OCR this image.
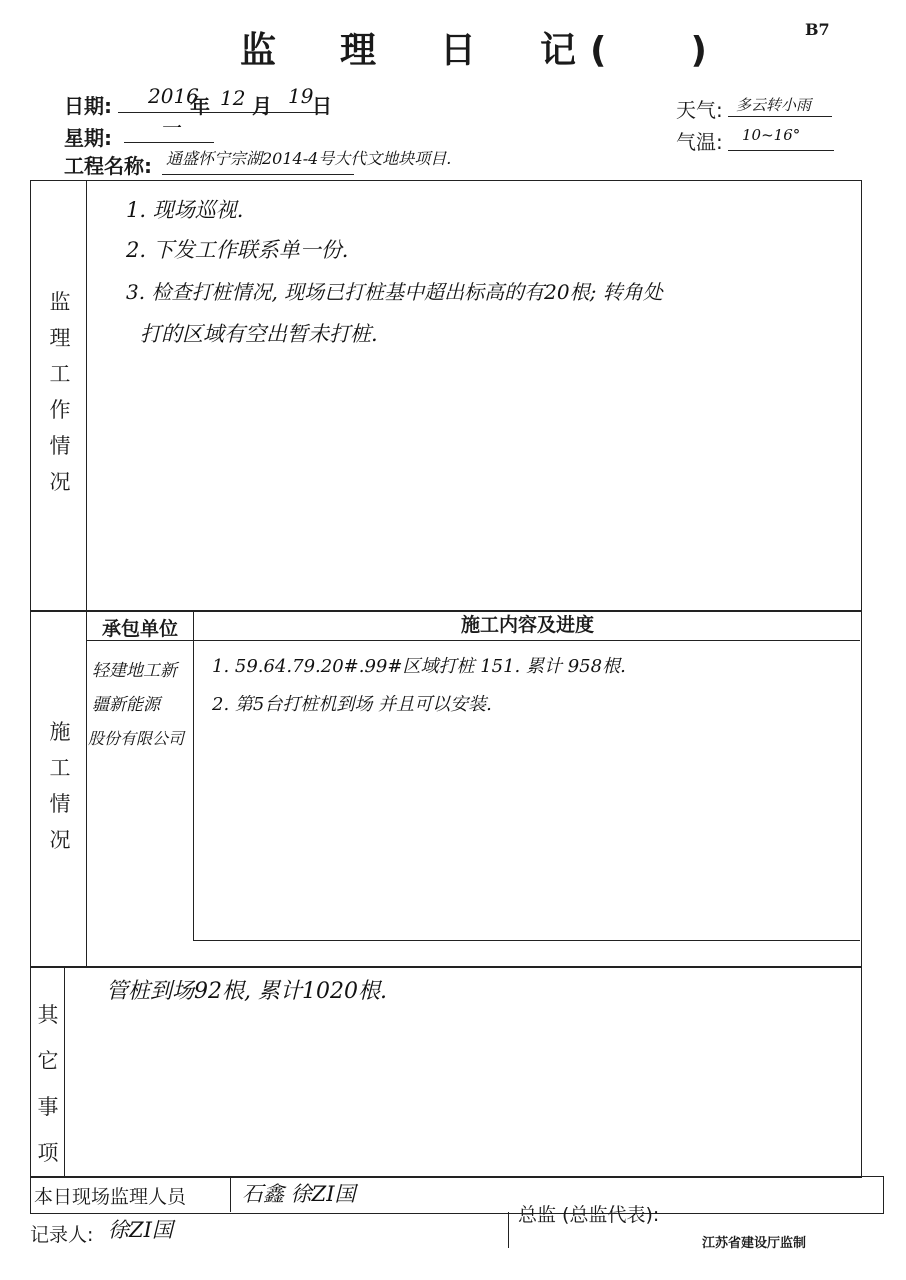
监　理　日　记( )
B7
日期: 2016
年 12 月 19
日
星期: 一
工程名称: 通盛怀宁宗湖2014-4号大代文地块项目.
天气: 多云转小雨
气温: 10~16°
监
理
工
作
情
况
1. 现场巡视.
2. 下发工作联系单一份.
3. 检查打桩情况, 现场已打桩基中超出标高的有20根; 转角处
打的区域有空出暂未打桩.
承包单位	施工内容及进度
施
工
情
况
轻建地工新
疆新能源
股份有限公司
1. 59.64.79.20#.99#区域打桩 151. 累计 958根.
2. 第5台打桩机到场 并且可以安装.
其
它
事
项
管桩到场92根, 累计1020根.
本日现场监理人员	石鑫 徐ZI国
记录人: 徐ZI国
总监 (总监代表):
江苏省建设厅监制
